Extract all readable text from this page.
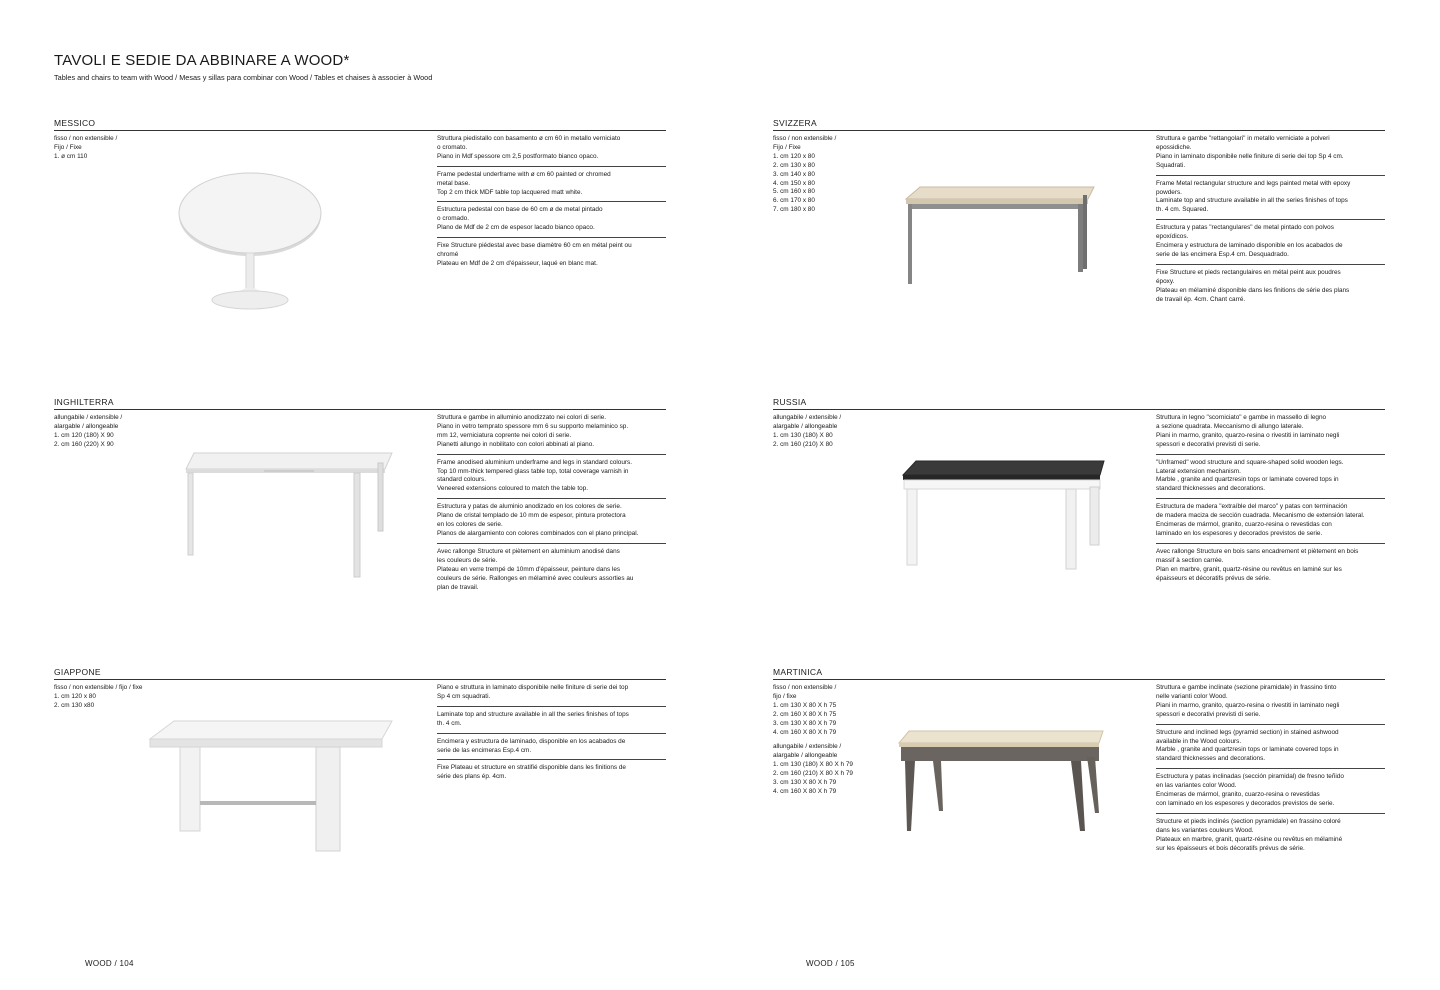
TAVOLI E SEDIE DA ABBINARE A WOOD*
Tables and chairs to team with Wood / Mesas y sillas para combinar con Wood / Tables et chaises à associer à Wood
MESSICO
fisso / non extensible /
Fijo / Fixe
1. ø cm 110
Struttura piedistallo con basamento ø cm 60 in metallo verniciato
o cromato.
Piano in Mdf spessore cm 2,5 postformato bianco opaco.
Frame pedestal underframe with ø cm 60 painted or chromed
metal base.
Top 2 cm thick MDF table top lacquered matt white.
Estructura pedestal con base de 60 cm ø de metal pintado
o cromado.
Plano de Mdf de 2 cm de espesor lacado bianco opaco.
Fixe Structure piédestal avec base diamètre 60 cm en métal peint ou
chromé
Plateau en Mdf de 2 cm d'épaisseur, laqué en blanc mat.
SVIZZERA
fisso / non extensible /
Fijo / Fixe
1. cm 120 x 80
2. cm 130 x 80
3. cm 140 x 80
4. cm 150 x 80
5. cm 160 x 80
6. cm 170 x 80
7. cm 180 x 80
Struttura e gambe "rettangolari" in metallo verniciate a polveri
epossidiche.
Piano in laminato disponibile nelle finiture di serie dei top Sp 4 cm.
Squadrati.
Frame Metal rectangular structure and legs painted metal with epoxy
powders.
Laminate top and structure available in all the series finishes of tops
th. 4 cm. Squared.
Estructura y patas "rectangulares" de metal pintado con polvos
epoxídicos.
Encimera y estructura de laminado disponible en los acabados de
serie de las encimera Esp.4 cm. Desquadrado.
Fixe Structure et pieds rectangulaires en métal peint aux poudres
époxy.
Plateau en mélaminé disponible dans les finitions de série des plans
de travail ép. 4cm. Chant carré.
INGHILTERRA
allungabile / extensible /
alargable / allongeable
1. cm 120 (180) X 90
2. cm 160 (220) X 90
Struttura e gambe in alluminio anodizzato nei colori di serie.
Piano in vetro temprato spessore mm 6 su supporto melaminico sp.
mm 12, verniciatura coprente nei colori di serie.
Pianetti allungo in nobilitato con colori abbinati al piano.
Frame anodised aluminium underframe and legs in standard colours.
Top 10 mm-thick tempered glass table top, total coverage varnish in
standard colours.
Veneered extensions coloured to match the table top.
Estructura y patas de aluminio anodizado en los colores de serie.
Plano de cristal templado de 10 mm de espesor, pintura protectora
en los colores de serie.
Planos de alargamiento con colores combinados con el plano principal.
Avec rallonge Structure et piètement en aluminium anodisé dans
les couleurs de série.
Plateau en verre trempé de 10mm d'épaisseur, peinture dans les
couleurs de série. Rallonges en mélaminé avec couleurs assorties au
plan de travail.
RUSSIA
allungabile / extensible /
alargable / allongeable
1. cm 130 (180) X 80
2. cm 160 (210) X 80
Struttura in legno "scorniciato" e gambe in massello di legno
a sezione quadrata. Meccanismo di allungo laterale.
Piani in marmo, granito, quarzo-resina o rivestiti in laminato negli
spessori e decorativi previsti di serie.
"Unframed" wood structure and square-shaped solid wooden legs.
Lateral extension mechanism.
Marble , granite and quartzresin tops or laminate covered tops in
standard thicknesses and decorations.
Estructura de madera "extraíble del marco" y patas con terminación
de madera maciza de sección cuadrada. Mecanismo de extensión lateral.
Encimeras de mármol, granito, cuarzo-resina o revestidas con
laminado en los espesores y decorados previstos de serie.
Avec rallonge Structure en bois sans encadrement et piètement en bois
massif à section carrée.
Plan en marbre, granit, quartz-résine ou revêtus en laminé sur les
épaisseurs et décoratifs prévus de série.
GIAPPONE
fisso / non extensible / fijo / fixe
1. cm 120 x 80
2. cm 130 x80
Piano e struttura in laminato disponibile nelle finiture di serie dei top
Sp 4 cm squadrati.
Laminate top and structure available in all the series finishes of tops
th. 4 cm.
Encimera y estructura de laminado, disponible en los acabados de
serie de las encimeras Esp.4 cm.
Fixe Plateau et structure en stratifié disponible dans les finitions de
série des plans ép. 4cm.
MARTINICA
fisso / non extensible /
fijo / fixe
1. cm 130 X 80 X h 75
2. cm 160 X 80 X h 75
3. cm 130 X 80 X h 79
4. cm 160 X 80 X h 79
allungabile / extensible /
alargable / allongeable
1. cm 130 (180) X 80 X h 79
2. cm 160 (210) X 80 X h 79
3. cm 130 X 80 X h 79
4. cm 160 X 80 X h 79
Struttura e gambe inclinate (sezione piramidale) in frassino tinto
nelle varianti color Wood.
Piani in marmo, granito, quarzo-resina o rivestiti in laminato negli
spessori e decorativi previsti di serie.
Structure and inclined legs (pyramid section) in stained ashwood
available in the Wood colours.
Marble , granite and quartzresin tops or laminate covered tops in
standard thicknesses and decorations.
Esctructura y patas inclinadas (sección piramidal) de fresno teñido
en las variantes color Wood.
Encimeras de mármol, granito, cuarzo-resina o revestidas
con laminado en los espesores y decorados previstos de serie.
Structure et pieds inclinés (section pyramidale) en frassino coloré
dans les variantes couleurs Wood.
Plateaux en marbre, granit, quartz-résine ou revêtus en mélaminé
sur les épaisseurs et bois décoratifs prévus de série.
WOOD / 104	WOOD / 105
